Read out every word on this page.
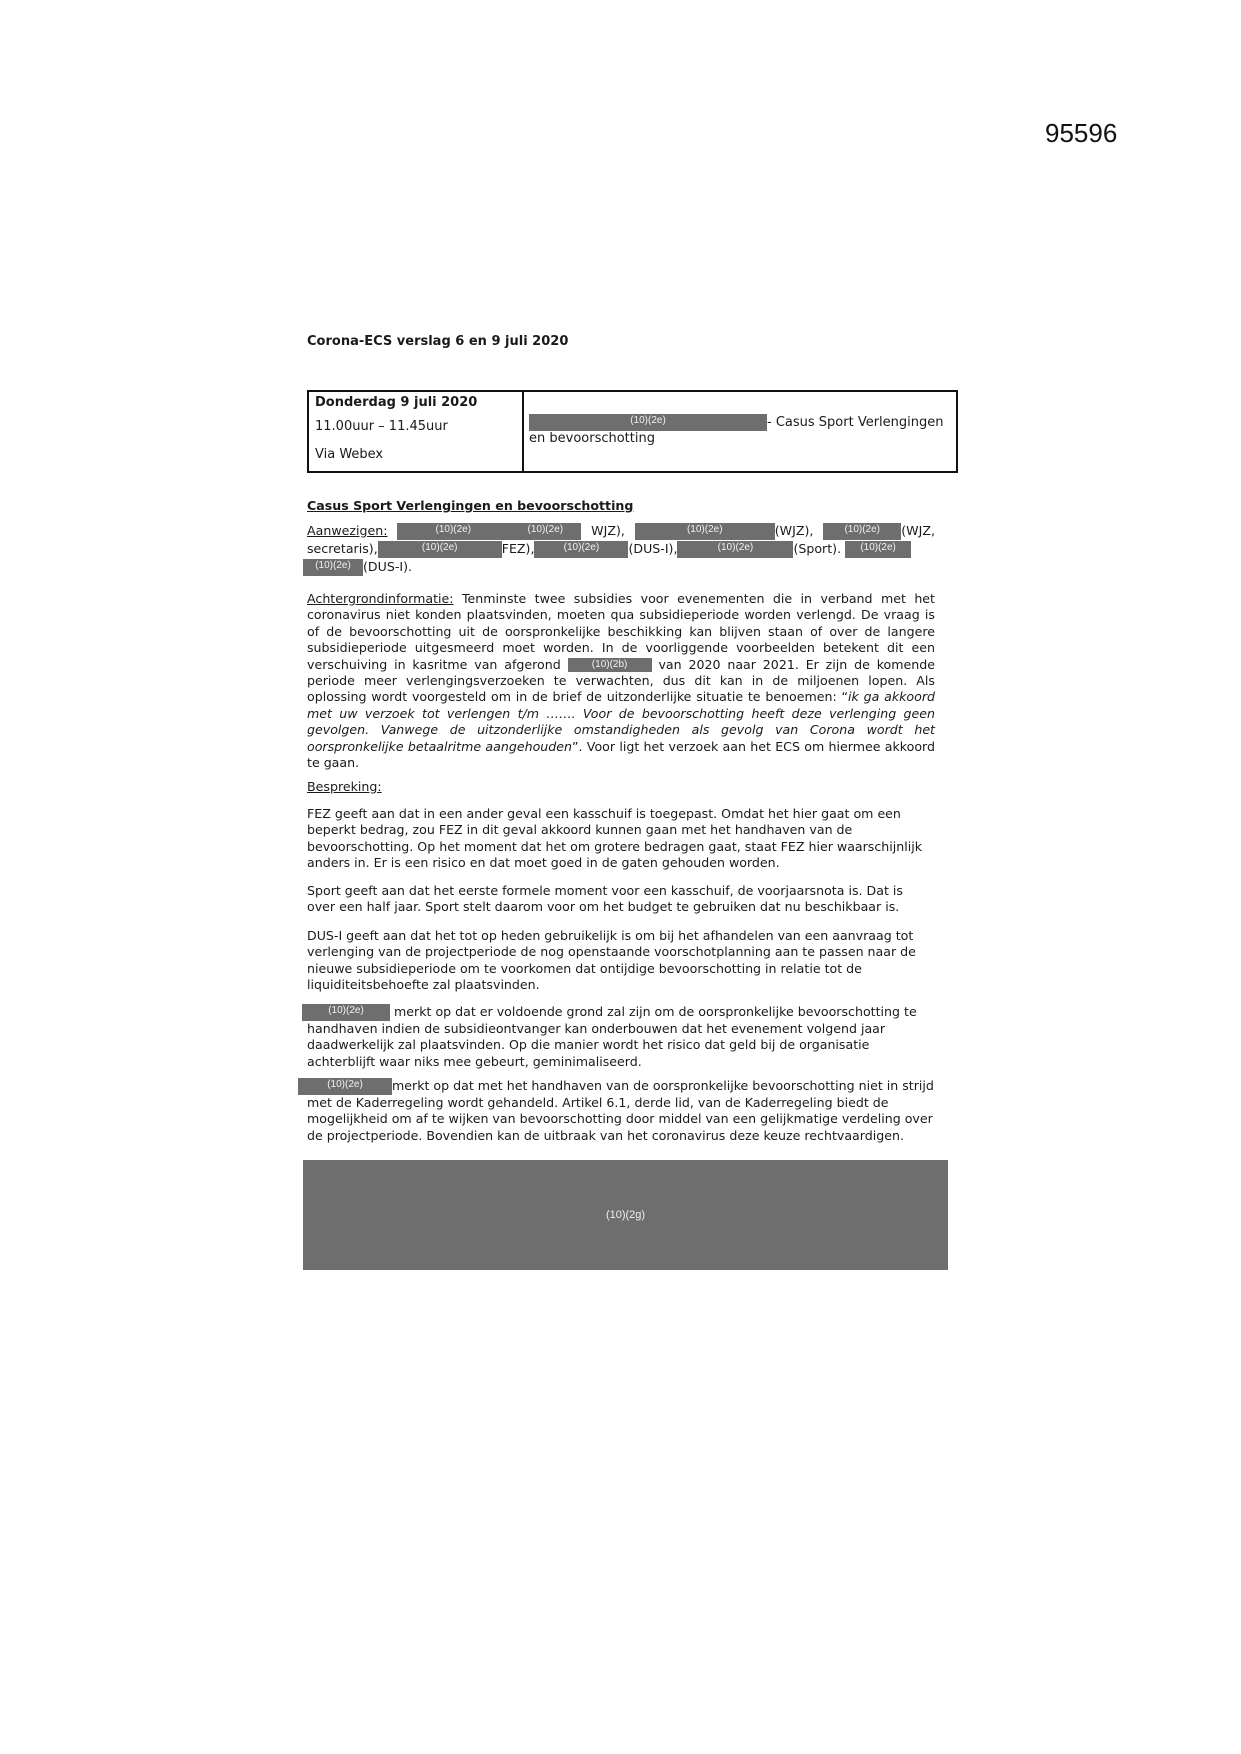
95596
Corona-ECS verslag 6 en 9 juli 2020
Donderdag 9 juli 2020
11.00uur – 11.45uur
Via Webex
(10)(2e)	- Casus Sport Verlengingen en bevoorschotting
Casus Sport Verlengingen en bevoorschotting
Aanwezigen:	(10)(2e)	(10)(2e) WJZ),	(10)(2e)	(WJZ),	(10)(2e) (WJZ, secretaris),	(10)(2e)	FEZ),	(10)(2e) (DUS-I),	(10)(2e)	(Sport). (10)(2e)
(10)(2e) (DUS-I).
Achtergrondinformatie: Tenminste twee subsidies voor evenementen die in verband met het coronavirus niet konden plaatsvinden, moeten qua subsidieperiode worden verlengd. De vraag is of de bevoorschotting uit de oorspronkelijke beschikking kan blijven staan of over de langere subsidieperiode uitgesmeerd moet worden. In de voorliggende voorbeelden betekent dit een verschuiving in kasritme van afgerond (10)(2b) van 2020 naar 2021. Er zijn de komende periode meer verlengingsverzoeken te verwachten, dus dit kan in de miljoenen lopen. Als oplossing wordt voorgesteld om in de brief de uitzonderlijke situatie te benoemen: “ik ga akkoord met uw verzoek tot verlengen t/m ……. Voor de bevoorschotting heeft deze verlenging geen gevolgen. Vanwege de uitzonderlijke omstandigheden als gevolg van Corona wordt het oorspronkelijke betaalritme aangehouden”. Voor ligt het verzoek aan het ECS om hiermee akkoord te gaan.
Bespreking:
FEZ geeft aan dat in een ander geval een kasschuif is toegepast. Omdat het hier gaat om een beperkt bedrag, zou FEZ in dit geval akkoord kunnen gaan met het handhaven van de bevoorschotting. Op het moment dat het om grotere bedragen gaat, staat FEZ hier waarschijnlijk anders in. Er is een risico en dat moet goed in de gaten gehouden worden.
Sport geeft aan dat het eerste formele moment voor een kasschuif, de voorjaarsnota is. Dat is over een half jaar. Sport stelt daarom voor om het budget te gebruiken dat nu beschikbaar is.
DUS-I geeft aan dat het tot op heden gebruikelijk is om bij het afhandelen van een aanvraag tot verlenging van de projectperiode de nog openstaande voorschotplanning aan te passen naar de nieuwe subsidieperiode om te voorkomen dat ontijdige bevoorschotting in relatie tot de liquiditeitsbehoefte zal plaatsvinden.
(10)(2e) merkt op dat er voldoende grond zal zijn om de oorspronkelijke bevoorschotting te handhaven indien de subsidieontvanger kan onderbouwen dat het evenement volgend jaar daadwerkelijk zal plaatsvinden. Op die manier wordt het risico dat geld bij de organisatie achterblijft waar niks mee gebeurt, geminimaliseerd.
(10)(2e) merkt op dat met het handhaven van de oorspronkelijke bevoorschotting niet in strijd met de Kaderregeling wordt gehandeld. Artikel 6.1, derde lid, van de Kaderregeling biedt de mogelijkheid om af te wijken van bevoorschotting door middel van een gelijkmatige verdeling over de projectperiode. Bovendien kan de uitbraak van het coronavirus deze keuze rechtvaardigen.
(10)(2g)
